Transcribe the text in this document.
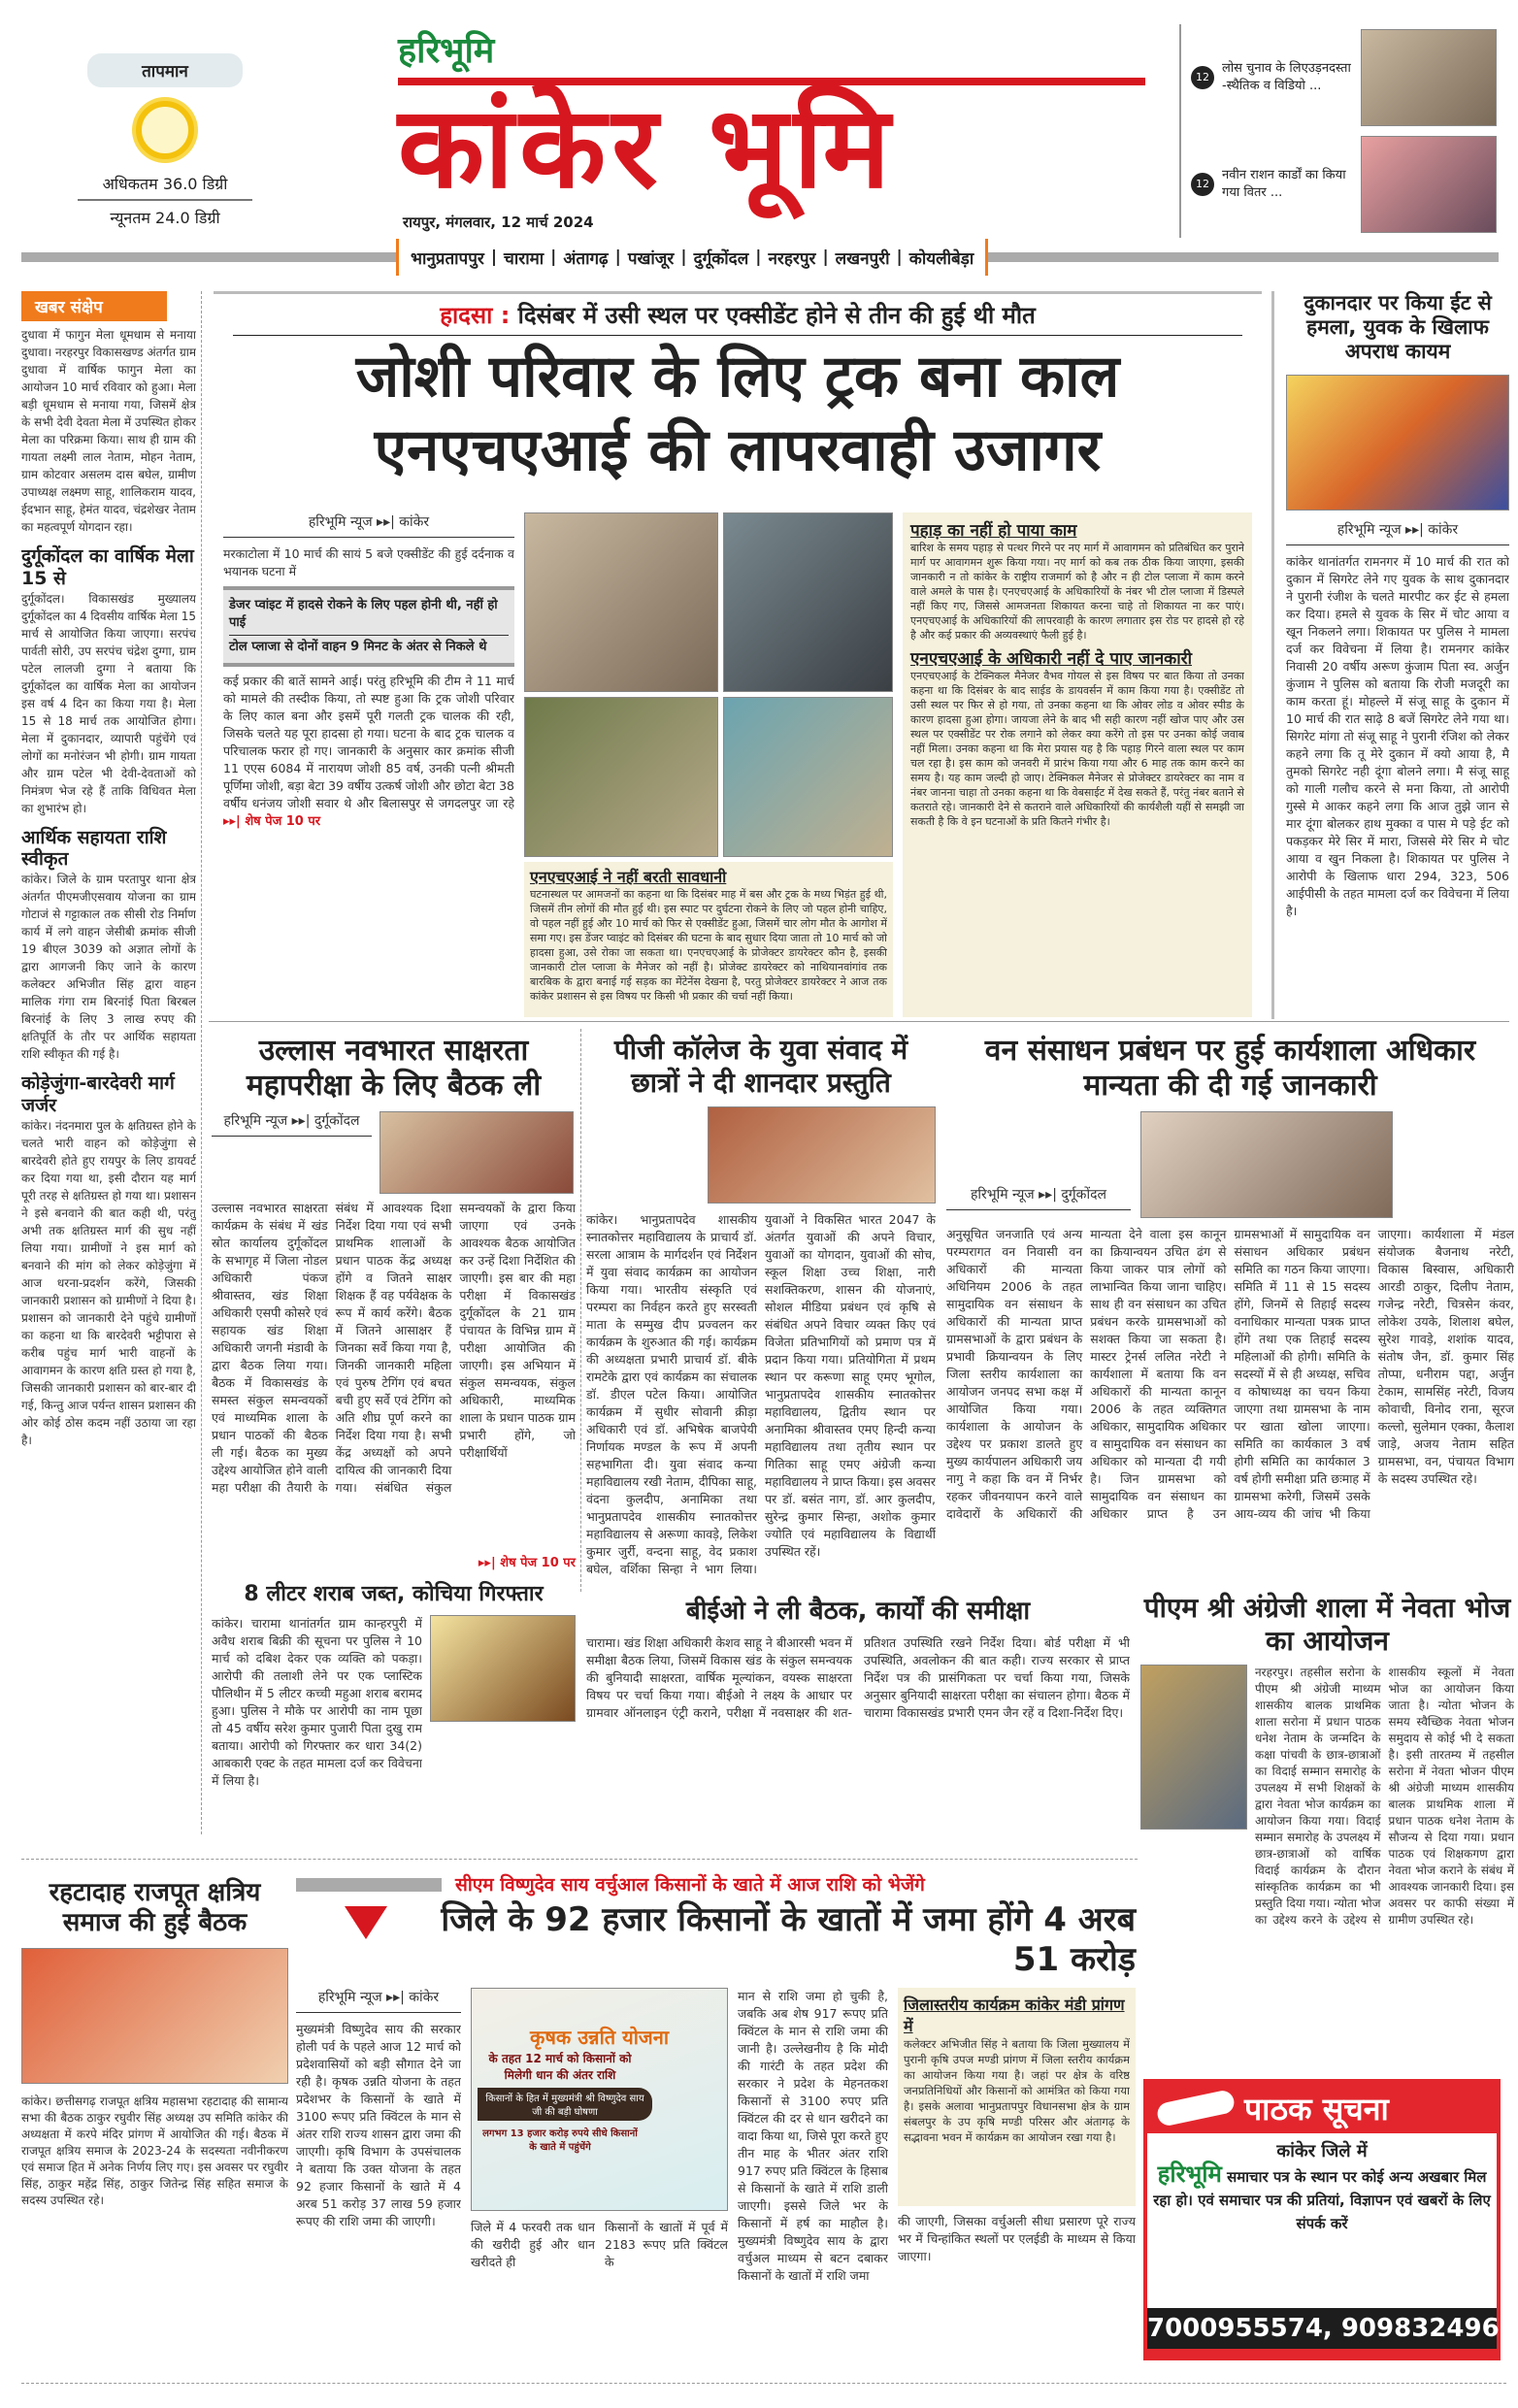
तापमान
अधिकतम 36.0 डिग्री
न्यूनतम 24.0 डिग्री
हरिभूमि
कांकेर भूमि
रायपुर, मंगलवार, 12 मार्च 2024
12
लोस चुनाव के लिएउड़नदस्ता -स्थैतिक व विडियो ...
12
नवीन राशन कार्डों का किया गया वितर ...
भानुप्रतापपुर | चारामा | अंतागढ़ | पखांजूर | दुर्गूकोंदल | नरहरपुर | लखनपुरी | कोयलीबेड़ा
खबर संक्षेप
दुधावा में फागुन मेला धूमधाम से मनाया दुधावा। नरहरपुर विकासखण्ड अंतर्गत ग्राम दुधावा में वार्षिक फागुन मेला का आयोजन 10 मार्च रविवार को हुआ। मेला बड़ी धूमधाम से मनाया गया, जिसमें क्षेत्र के सभी देवी देवता मेला में उपस्थित होकर मेला का परिक्रमा किया। साथ ही ग्राम की गायता लक्ष्मी लाल नेताम, मोहन नेताम, ग्राम कोटवार असलम दास बघेल, ग्रामीण उपाध्यक्ष लक्ष्मण साहू, शालिकराम यादव, ईदभान साहू, हेमंत यादव, चंद्रशेखर नेताम का महत्वपूर्ण योगदान रहा।
दुर्गूकोंदल का वार्षिक मेला 15 से
दुर्गूकोंदल। विकासखंड मुख्यालय दुर्गूकोंदल का 4 दिवसीय वार्षिक मेला 15 मार्च से आयोजित किया जाएगा। सरपंच पार्वती सोरी, उप सरपंच चंद्रेश दुग्गा, ग्राम पटेल लालजी दुग्गा ने बताया कि दुर्गूकोंदल का वार्षिक मेला का आयोजन इस वर्ष 4 दिन का किया गया है। मेला 15 से 18 मार्च तक आयोजित होगा। मेला में दुकानदार, व्यापारी पहुंचेंगे एवं लोगों का मनोरंजन भी होगी। ग्राम गायता और ग्राम पटेल भी देवी-देवताओं को निमंत्रण भेज रहे हैं ताकि विधिवत मेला का शुभारंभ हो।
आर्थिक सहायता राशि स्वीकृत
कांकेर। जिले के ग्राम परतापुर थाना क्षेत्र अंतर्गत पीएमजीएसवाय योजना का ग्राम गोटाजं से गट्टाकाल तक सीसी रोड निर्माण कार्य में लगे वाहन जेसीबी क्रमांक सीजी 19 बीएल 3039 को अज्ञात लोगों के द्वारा आगजनी किए जाने के कारण कलेक्टर अभिजीत सिंह द्वारा वाहन मालिक गंगा राम बिरनांई पिता बिरबल बिरनांई के लिए 3 लाख रुपए की क्षतिपूर्ति के तौर पर आर्थिक सहायता राशि स्वीकृत की गई है।
कोड़ेजुंगा-बारदेवरी मार्ग जर्जर
कांकेर। नंदनमारा पुल के क्षतिग्रस्त होने के चलते भारी वाहन को कोड़ेजुंगा से बारदेवरी होते हुए रायपुर के लिए डायवर्ट कर दिया गया था, इसी दौरान यह मार्ग पूरी तरह से क्षतिग्रस्त हो गया था। प्रशासन ने इसे बनवाने की बात कही थी, परंतु अभी तक क्षतिग्रस्त मार्ग की सुध नहीं लिया गया। ग्रामीणों ने इस मार्ग को बनवाने की मांग को लेकर कोड़ेजुंगा में आज धरना-प्रदर्शन करेंगे, जिसकी जानकारी प्रशासन को ग्रामीणों ने दिया है। प्रशासन को जानकारी देने पहुंचे ग्रामीणों का कहना था कि बारदेवरी भट्टीपारा से करीब पहुंच मार्ग भारी वाहनों के आवागमन के कारण क्षति ग्रस्त हो गया है, जिसकी जानकारी प्रशासन को बार-बार दी गई, किन्तु आज पर्यन्त शासन प्रशासन की ओर कोई ठोस कदम नहीं उठाया जा रहा है।
हादसा : दिसंबर में उसी स्थल पर एक्सीडेंट होने से तीन की हुई थी मौत
जोशी परिवार के लिए ट्रक बना काल
एनएचएआई की लापरवाही उजागर
हरिभूमि न्यूज ▸▸| कांकेर
मरकाटोला में 10 मार्च की सायं 5 बजे एक्सीडेंट की हुई दर्दनाक व भयानक घटना में
डेजर प्वांइट में हादसे रोकने के लिए पहल होनी थी, नहीं हो पाई
टोल प्लाजा से दोनों वाहन 9 मिनट के अंतर से निकले थे
कई प्रकार की बातें सामने आई। परंतु हरिभूमि की टीम ने 11 मार्च को मामले की तस्दीक किया, तो स्पष्ट हुआ कि ट्रक जोशी परिवार के लिए काल बना और इसमें पूरी गलती ट्रक चालक की रही, जिसके चलते यह पूरा हादसा हो गया। घटना के बाद ट्रक चालक व परिचालक फरार हो गए। जानकारी के अनुसार कार क्रमांक सीजी 11 एएस 6084 में नारायण जोशी 85 वर्ष, उनकी पत्नी श्रीमती पूर्णिमा जोशी, बड़ा बेटा 39 वर्षीय उत्कर्ष जोशी और छोटा बेटा 38 वर्षीय धनंजय जोशी सवार थे और बिलासपुर से जगदलपुर जा रहे ▸▸| शेष पेज 10 पर
एनएचएआई ने नहीं बरती सावधानी
घटनास्थल पर आमजनों का कहना था कि दिसंबर माह में बस और ट्रक के मध्य भिड़ंत हुई थी, जिसमें तीन लोगों की मौत हुई थी। इस स्पाट पर दुर्घटना रोकने के लिए जो पहल होनी चाहिए, वो पहल नहीं हुई और 10 मार्च को फिर से एक्सीडेंट हुआ, जिसमें चार लोग मौत के आगोश में समा गए। इस डेंजर प्वाइंट को दिसंबर की घटना के बाद सुधार दिया जाता तो 10 मार्च को जो हादसा हुआ, उसे रोका जा सकता था। एनएचएआई के प्रोजेक्टर डायरेक्टर कौन है, इसकी जानकारी टोल प्लाजा के मैनेजर को नहीं है। प्रोजेक्ट डायरेक्टर को नाथियानवांगांव तक बारबिक के द्वारा बनाई गई सड़क का मेंटेनेंस देखना है, परतु प्रोजेक्टर डायरेक्टर ने आज तक कांकेर प्रशासन से इस विषय पर किसी भी प्रकार की चर्चा नहीं किया।
पहाड़ का नहीं हो पाया काम
बारिश के समय पहाड़ से पत्थर गिरने पर नए मार्ग में आवागमन को प्रतिबंधित कर पुराने मार्ग पर आवागमन शुरू किया गया। नए मार्ग को कब तक ठीक किया जाएगा, इसकी जानकारी न तो कांकेर के राष्ट्रीय राजमार्ग को है और न ही टोल प्लाजा में काम करने वाले अमले के पास है। एनएचएआई के अधिकारियों के नंबर भी टोल प्लाजा में डिस्पले नहीं किए गए, जिससे आमजनता शिकायत करना चाहे तो शिकायत ना कर पाएं। एनएचएआई के अधिकारियों की लापरवाही के कारण लगातार इस रोड पर हादसे हो रहे है और कई प्रकार की अव्यवस्थाएं फैली हुई है।
एनएचएआई के अधिकारी नहीं दे पाए जानकारी
एनएचएआई के टेक्निकल मैनेजर वैभव गोयल से इस विषय पर बात किया तो उनका कहना था कि दिसंबर के बाद साईड के डायवर्सन में काम किया गया है। एक्सीडेंट तो उसी स्थल पर फिर से हो गया, तो उनका कहना था कि ओवर लोड व ओवर स्पीड के कारण हादसा हुआ होगा। जायजा लेने के बाद भी सही कारण नहीं खोज पाए और उस स्थल पर एक्सीडेंट पर रोक लगाने को लेकर क्या करेंगे तो इस पर उनका कोई जवाब नहीं मिला। उनका कहना था कि मेरा प्रयास यह है कि पहाड़ गिरने वाला स्थल पर काम चल रहा है। इस काम को जनवरी में प्रारंभ किया गया और 6 माह तक काम करने का समय है। यह काम जल्दी हो जाए। टेक्निकल मैनेजर से प्रोजेक्टर डायरेक्टर का नाम व नंबर जानना चाहा तो उनका कहना था कि वेबसाईट में देख सकते हैं, परंतु नंबर बताने से कतराते रहे। जानकारी देने से कतराने वाले अधिकारियों की कार्यशैली यहीं से समझी जा सकती है कि वे इन घटनाओं के प्रति कितने गंभीर है।
दुकानदार पर किया ईट से हमला, युवक के खिलाफ अपराध कायम
हरिभूमि न्यूज ▸▸| कांकेर
कांकेर थानांतर्गत रामनगर में 10 मार्च की रात को दुकान में सिगरेट लेने गए युवक के साथ दुकानदार ने पुरानी रंजीश के चलते मारपीट कर ईट से हमला कर दिया। हमले से युवक के सिर में चोट आया व खून निकलने लगा। शिकायत पर पुलिस ने मामला दर्ज कर विवेचना में लिया है। रामनगर कांकेर निवासी 20 वर्षीय अरूण कुंजाम पिता स्व. अर्जुन कुंजाम ने पुलिस को बताया कि रोजी मजदूरी का काम करता हूं। मोहल्ले में संजू साहू के दुकान में 10 मार्च की रात साढ़े 8 बजें सिगरेट लेने गया था। सिगरेट मांगा तो संजू साहू ने पुरानी रंजिश को लेकर कहने लगा कि तू मेरे दुकान में क्यो आया है, मै तुमको सिगरेट नही दूंगा बोलने लगा। मै संजू साहू को गाली गलौच करने से मना किया, तो आरोपी गुस्से मे आकर कहने लगा कि आज तुझे जान से मार दूंगा बोलकर हाथ मुक्का व पास मे पड़े ईट को पकड़कर मेरे सिर में मारा, जिससे मेरे सिर मे चोट आया व खुन निकला है। शिकायत पर पुलिस ने आरोपी के खिलाफ धारा 294, 323, 506 आईपीसी के तहत मामला दर्ज कर विवेचना में लिया है।
उल्लास नवभारत साक्षरता महापरीक्षा के लिए बैठक ली
हरिभूमि न्यूज ▸▸| दुर्गूकोंदल
उल्लास नवभारत साक्षरता कार्यक्रम के संबंध में खंड स्रोत कार्यालय दुर्गूकोंदल के सभागृह में जिला नोडल अधिकारी पंकज श्रीवास्तव, खंड शिक्षा अधिकारी एसपी कोसरे एवं सहायक खंड शिक्षा अधिकारी जगनी मंडावी के द्वारा बैठक लिया गया। बैठक में विकासखंड के समस्त संकुल समन्वयकों एवं माध्यमिक शाला के प्रधान पाठकों की बैठक ली गई। बैठक का मुख्य उद्देश्य आयोजित होने वाली महा परीक्षा की तैयारी के संबंध में आवश्यक दिशा निर्देश दिया गया एवं सभी प्राथमिक शालाओं के प्रधान पाठक केंद्र अध्यक्ष होंगे व जितने साक्षर शिक्षक हैं वह पर्यवेक्षक के रूप में कार्य करेंगे। बैठक में जितने आसाक्षर हैं जिनका सर्वे किया गया है, जिनकी जानकारी महिला एवं पुरुष टेगिंग एवं बचत बची हुए सर्वे एवं टेगिंग को अति शीघ्र पूर्ण करने का निर्देश दिया गया है। सभी केंद्र अध्यक्षों को अपने दायित्व की जानकारी दिया गया। संबंधित संकुल समन्वयकों के द्वारा किया जाएगा एवं उनके आवश्यक बैठक आयोजित कर उन्हें दिशा निर्देशित की जाएगी। इस बार की महा परीक्षा में विकासखंड दुर्गूकोंदल के 21 ग्राम पंचायत के विभिन्न ग्राम में परीक्षा आयोजित की जाएगी। इस अभियान में संकुल समन्वयक, संकुल अधिकारी, माध्यमिक शाला के प्रधान पाठक ग्राम प्रभारी होंगे, जो परीक्षार्थियों
▸▸| शेष पेज 10 पर
8 लीटर शराब जब्त, कोचिया गिरफ्तार
कांकेर। चारामा थानांतर्गत ग्राम कान्हरपुरी में अवैध शराब बिक्री की सूचना पर पुलिस ने 10 मार्च को दबिश देकर एक व्यक्ति को पकड़ा। आरोपी की तलाशी लेने पर एक प्लास्टिक पौलिथीन में 5 लीटर कच्ची महुआ शराब बरामद हुआ। पुलिस ने मौके पर आरोपी का नाम पूछा तो 45 वर्षीय सरेश कुमार पुजारी पिता दुखु राम बताया। आरोपी को गिरफ्तार कर धारा 34(2) आबकारी एक्ट के तहत मामला दर्ज कर विवेचना में लिया है।
पीजी कॉलेज के युवा संवाद में छात्रों ने दी शानदार प्रस्तुति
कांकेर। भानुप्रतापदेव शासकीय स्नातकोत्तर महाविद्यालय के प्राचार्य डॉ. सरला आत्राम के मार्गदर्शन एवं निर्देशन में युवा संवाद कार्यक्रम का आयोजन किया गया। भारतीय संस्कृति एवं परम्परा का निर्वहन करते हुए सरस्वती माता के सम्मुख दीप प्रज्वलन कर कार्यक्रम के शुरुआत की गई। कार्यक्रम की अध्यक्षता प्रभारी प्राचार्य डॉ. बीके रामटेके द्वारा एवं कार्यक्रम का संचालक डॉ. डीएल पटेल किया। आयोजित कार्यक्रम में सुधीर सोवानी क्रीड़ा अधिकारी एवं डॉ. अभिषेक बाजपेयी निर्णायक मण्डल के रूप में अपनी सहभागिता दी। युवा संवाद कन्या महाविद्यालय रखी नेताम, दीपिका साहू, वंदना कुलदीप, अनामिका तथा भानुप्रतापदेव शासकीय स्नातकोत्तर महाविद्यालय से अरूणा कावड़े, लिकेश कुमार जुर्री, वन्दना साहू, वेद प्रकाश बघेल, वर्शिका सिन्हा ने भाग लिया। युवाओं ने विकसित भारत 2047 के अंतर्गत युवाओं की अपने विचार, युवाओं का योगदान, युवाओं की सोच, स्कूल शिक्षा उच्च शिक्षा, नारी सशक्तिकरण, शासन की योजनाएं, सोशल मीडिया प्रबंधन एवं कृषि से संबंधित अपने विचार व्यक्त किए एवं विजेता प्रतिभागियों को प्रमाण पत्र में प्रदान किया गया। प्रतियोगिता में प्रथम स्थान पर करूणा साहू एमए भूगोल, भानुप्रतापदेव शासकीय स्नातकोत्तर महाविद्यालय, द्वितीय स्थान पर अनामिका श्रीवास्तव एमए हिन्दी कन्या महाविद्यालय तथा तृतीय स्थान पर गितिका साहू एमए अंग्रेजी कन्या महाविद्यालय ने प्राप्त किया। इस अवसर पर डॉ. बसंत नाग, डॉ. आर कुलदीप, सुरेन्द्र कुमार सिन्हा, अशोक कुमार ज्योति एवं महाविद्यालय के विद्यार्थी उपस्थित रहें।
वन संसाधन प्रबंधन पर हुई कार्यशाला अधिकार मान्यता की दी गई जानकारी
हरिभूमि न्यूज ▸▸| दुर्गूकोंदल
अनुसूचित जनजाति एवं अन्य परम्परागत वन निवासी वन अधिकारों की मान्यता अधिनियम 2006 के तहत सामुदायिक वन संसाधन के अधिकारों की मान्यता प्राप्त ग्रामसभाओं के द्वारा प्रबंधन के प्रभावी क्रियान्वयन के लिए जिला स्तरीय कार्यशाला का आयोजन जनपद सभा कक्ष में आयोजित किया गया। कार्यशाला के आयोजन के उद्देश्य पर प्रकाश डालते हुए मुख्य कार्यपालन अधिकारी जय नागु ने कहा कि वन में निर्भर रहकर जीवनयापन करने वाले दावेदारों के अधिकारों की मान्यता देने वाला इस कानून का क्रियान्वयन उचित ढंग से किया जाकर पात्र लोगों को लाभान्वित किया जाना चाहिए। साथ ही वन संसाधन का उचित प्रबंधन करके ग्रामसभाओं को सशक्त किया जा सकता है। मास्टर ट्रेनर्स ललित नरेटी ने कार्यशाला में बताया कि वन अधिकारों की मान्यता कानून 2006 के तहत व्यक्तिगत अधिकार, सामुदायिक अधिकार व सामुदायिक वन संसाधन का अधिकार को मान्यता दी गयी है। जिन ग्रामसभा को सामुदायिक वन संसाधन का अधिकार प्राप्त है उन ग्रामसभाओं में सामुदायिक वन संसाधन अधिकार प्रबंधन समिति का गठन किया जाएगा। समिति में 11 से 15 सदस्य होंगे, जिनमें से तिहाई सदस्य वनाधिकार मान्यता पत्रक प्राप्त होंगे तथा एक तिहाई सदस्य महिलाओं की होगी। समिति के सदस्यों में से ही अध्यक्ष, सचिव व कोषाध्यक्ष का चयन किया जाएगा तथा ग्रामसभा के नाम पर खाता खोला जाएगा। समिति का कार्यकाल 3 वर्ष होगी समिति का कार्यकाल 3 वर्ष होगी समीक्षा प्रति छःमाह में ग्रामसभा करेगी, जिसमें उसके आय-व्यय की जांच भी किया जाएगा। कार्यशाला में मंडल संयोजक बैजनाथ नरेटी, विकास बिस्वास, अधिकारी आरडी ठाकुर, दिलीप नेताम, गजेन्द्र नरेटी, चित्रसेन कंवर, लोकेश उयके, शिलाश बघेल, सुरेश गावड़े, शशांक यादव, संतोष जैन, डॉ. कुमार सिंह तोप्पा, धनीराम पद्दा, अर्जुन टेकाम, सामसिंह नरेटी, विजय कोवाची, विनोद राना, सूरज कल्लो, सुलेमान एक्का, कैलाश जाड़े, अजय नेताम सहित ग्रामसभा, वन, पंचायत विभाग के सदस्य उपस्थित रहे।
बीईओ ने ली बैठक, कार्यों की समीक्षा
चारामा। खंड शिक्षा अधिकारी केशव साहू ने बीआरसी भवन में समीक्षा बैठक लिया, जिसमें विकास खंड के संकुल समन्वयक की बुनियादी साक्षरता, वार्षिक मूल्यांकन, वयस्क साक्षरता विषय पर चर्चा किया गया। बीईओ ने लक्ष्य के आधार पर ग्रामवार ऑनलाइन एंट्री कराने, परीक्षा में नवसाक्षर की शत-प्रतिशत उपस्थिति रखने निर्देश दिया। बोर्ड परीक्षा में भी उपस्थिति, अवलोकन की बात कही। राज्य सरकार से प्राप्त निर्देश पत्र की प्रासंगिकता पर चर्चा किया गया, जिसके अनुसार बुनियादी साक्षरता परीक्षा का संचालन होगा। बैठक में चारामा विकासखंड प्रभारी एमन जैन रहें व दिशा-निर्देश दिए।
पीएम श्री अंग्रेजी शाला में नेवता भोज का आयोजन
नरहरपुर। तहसील सरोना के पीएम श्री अंग्रेजी माध्यम शासकीय बालक प्राथमिक शाला सरोना में प्रधान पाठक धनेश नेताम के जन्मदिन के कक्षा पांचवी के छात्र-छात्राओं का विदाई सम्मान समारोह के उपलक्ष्य में सभी शिक्षकों के द्वारा नेवता भोज कार्यक्रम का आयोजन किया गया। विदाई सम्मान समारोह के उपलक्ष्य में छात्र-छात्राओं को वार्षिक विदाई कार्यक्रम के दौरान सांस्कृतिक कार्यक्रम का भी प्रस्तुति दिया गया। न्योता भोज का उद्देश्य करने के उद्देश्य से शासकीय स्कूलों में नेवता भोज का आयोजन किया जाता है। न्योता भोजन के समय स्वैच्छिक नेवता भोजन समुदाय से कोई भी दे सकता है। इसी तारतम्य में तहसील सरोना में नेवता भोजन पीएम श्री अंग्रेजी माध्यम शासकीय बालक प्राथमिक शाला में प्रधान पाठक धनेश नेताम के सौजन्य से दिया गया। प्रधान पाठक एवं शिक्षकगण द्वारा नेवता भोज कराने के संबंध में आवश्यक जानकारी दिया। इस अवसर पर काफी संख्या में ग्रामीण उपस्थित रहे।
रहटादाह राजपूत क्षत्रिय समाज की हुई बैठक
कांकेर। छत्तीसगढ़ राजपूत क्षत्रिय महासभा रहटादाह की सामान्य सभा की बैठक ठाकुर रघुवीर सिंह अध्यक्ष उप समिति कांकेर की अध्यक्षता में करपे मंदिर प्रांगण में आयोजित की गई। बैठक में राजपूत क्षत्रिय समाज के 2023-24 के सदस्यता नवीनीकरण एवं समाज हित में अनेक निर्णय लिए गए। इस अवसर पर रघुवीर सिंह, ठाकुर महेंद्र सिंह, ठाकुर जितेन्द्र सिंह सहित समाज के सदस्य उपस्थित रहे।
सीएम विष्णुदेव साय वर्चुआल किसानों के खाते में आज राशि को भेजेंगे
जिले के 92 हजार किसानों के खातों में जमा होंगे 4 अरब 51 करोड़
हरिभूमि न्यूज ▸▸| कांकेर
मुख्यमंत्री विष्णुदेव साय की सरकार होली पर्व के पहले आज 12 मार्च को प्रदेशवासियों को बड़ी सौगात देने जा रही है। कृषक उन्नति योजना के तहत प्रदेशभर के किसानों के खाते में 3100 रूपए प्रति क्विंटल के मान से अंतर राशि राज्य शासन द्वारा जमा की जाएगी। कृषि विभाग के उपसंचालक ने बताया कि उक्त योजना के तहत 92 हजार किसानों के खाते में 4 अरब 51 करोड़ 37 लाख 59 हजार रूपए की राशि जमा की जाएगी।
कृषक उन्नति योजना
के तहत 12 मार्च को किसानों को मिलेगी धान की अंतर राशि
किसानों के हित में मुख्यमंत्री श्री विष्णुदेव साय जी की बड़ी घोषणा
लगभग 13 हजार करोड़ रुपये सीधे किसानों के खाते में पहुंचेंगे
जिले में 4 फरवरी तक धान की खरीदी हुई और धान खरीदते ही
किसानों के खातों में पूर्व में 2183 रूपए प्रति क्विंटल के
मान से राशि जमा हो चुकी है, जबकि अब शेष 917 रूपए प्रति क्विंटल के मान से राशि जमा की जानी है। उल्लेखनीय है कि मोदी की गारंटी के तहत प्रदेश की सरकार ने प्रदेश के मेहनतकश किसानों से 3100 रुपए प्रति क्विंटल की दर से धान खरीदने का वादा किया था, जिसे पूरा करते हुए तीन माह के भीतर अंतर राशि 917 रुपए प्रति क्विंटल के हिसाब से किसानों के खाते में राशि डाली जाएगी। इससे जिले भर के किसानों में हर्ष का माहौल है। मुख्यमंत्री विष्णुदेव साय के द्वारा वर्चुअल माध्यम से बटन दबाकर किसानों के खातों में राशि जमा
जिलास्तरीय कार्यक्रम कांकेर मंडी प्रांगण में
कलेक्टर अभिजीत सिंह ने बताया कि जिला मुख्यालय में पुरानी कृषि उपज मण्डी प्रांगण में जिला स्तरीय कार्यक्रम का आयोजन किया गया है। जहां पर क्षेत्र के वरिष्ठ जनप्रतिनिधियों और किसानों को आमंत्रित को किया गया है। इसके अलावा भानुप्रतापपुर विधानसभा क्षेत्र के ग्राम संबलपुर के उप कृषि मण्डी परिसर और अंतागढ़ के सद्भावना भवन में कार्यक्रम का आयोजन रखा गया है।
की जाएगी, जिसका वर्चुअली सीधा प्रसारण पूरे राज्य भर में चिन्हांकित स्थलों पर एलईडी के माध्यम से किया जाएगा।
पाठक सूचना
कांकेर जिले में
हरिभूमि समाचार पत्र के स्थान पर कोई अन्य अखबार मिल रहा हो। एवं समाचार पत्र की प्रतियां, विज्ञापन एवं खबरों के लिए संपर्क करें
7000955574, 9098324969
